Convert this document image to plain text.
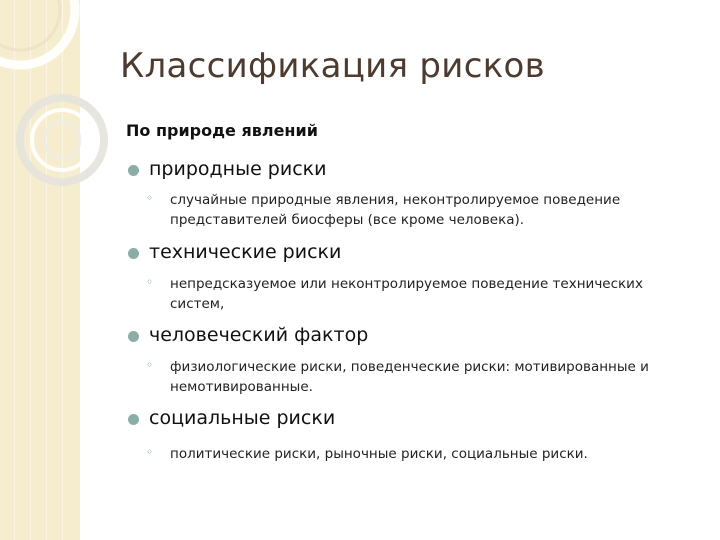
Классификация рисков
По природе явлений
природные риски
◦ случайные природные явления, неконтролируемое поведение представителей биосферы (все кроме человека).
технические риски
◦ непредсказуемое или неконтролируемое поведение технических систем,
человеческий фактор
◦ физиологические риски, поведенческие риски: мотивированные и немотивированные.
социальные риски
◦ политические риски, рыночные риски, социальные риски.
